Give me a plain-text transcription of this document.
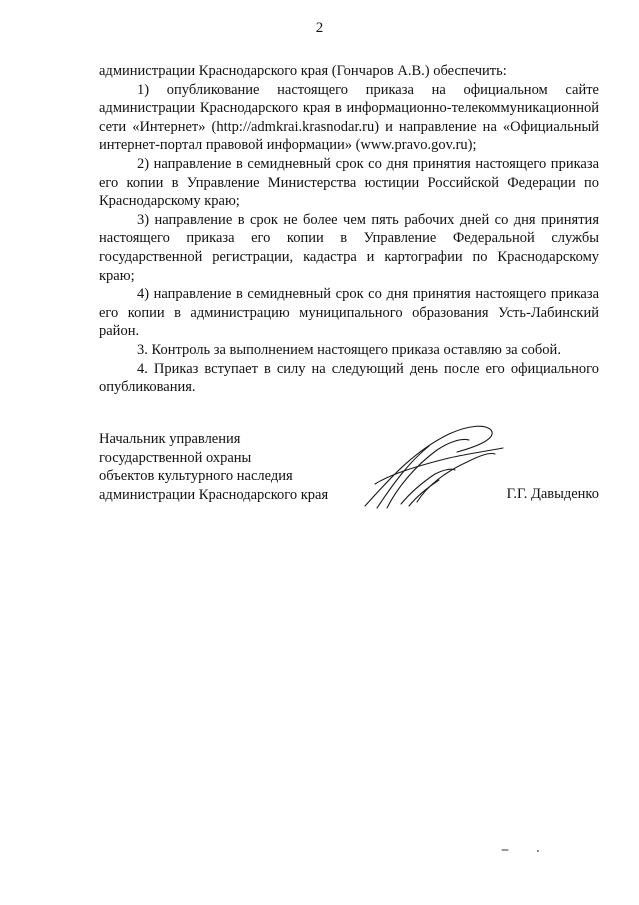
2

администрации Краснодарского края (Гончаров А.В.) обеспечить:

1) опубликование настоящего приказа на официальном сайте администрации Краснодарского края в информационно-телекоммуникационной сети «Интернет» (http://admkrai.krasnodar.ru) и направление на «Официальный интернет-портал правовой информации» (www.pravo.gov.ru);

2) направление в семидневный срок со дня принятия настоящего приказа его копии в Управление Министерства юстиции Российской Федерации по Краснодарскому краю;

3) направление в срок не более чем пять рабочих дней со дня принятия настоящего приказа его копии в Управление Федеральной службы государственной регистрации, кадастра и картографии по Краснодарскому краю;

4) направление в семидневный срок со дня принятия настоящего приказа его копии в администрацию муниципального образования Усть-Лабинский район.

3. Контроль за выполнением настоящего приказа оставляю за собой.

4. Приказ вступает в силу на следующий день после его официального опубликования.

Начальник управления
государственной охраны
объектов культурного наследия
администрации Краснодарского края	Г.Г. Давыденко
